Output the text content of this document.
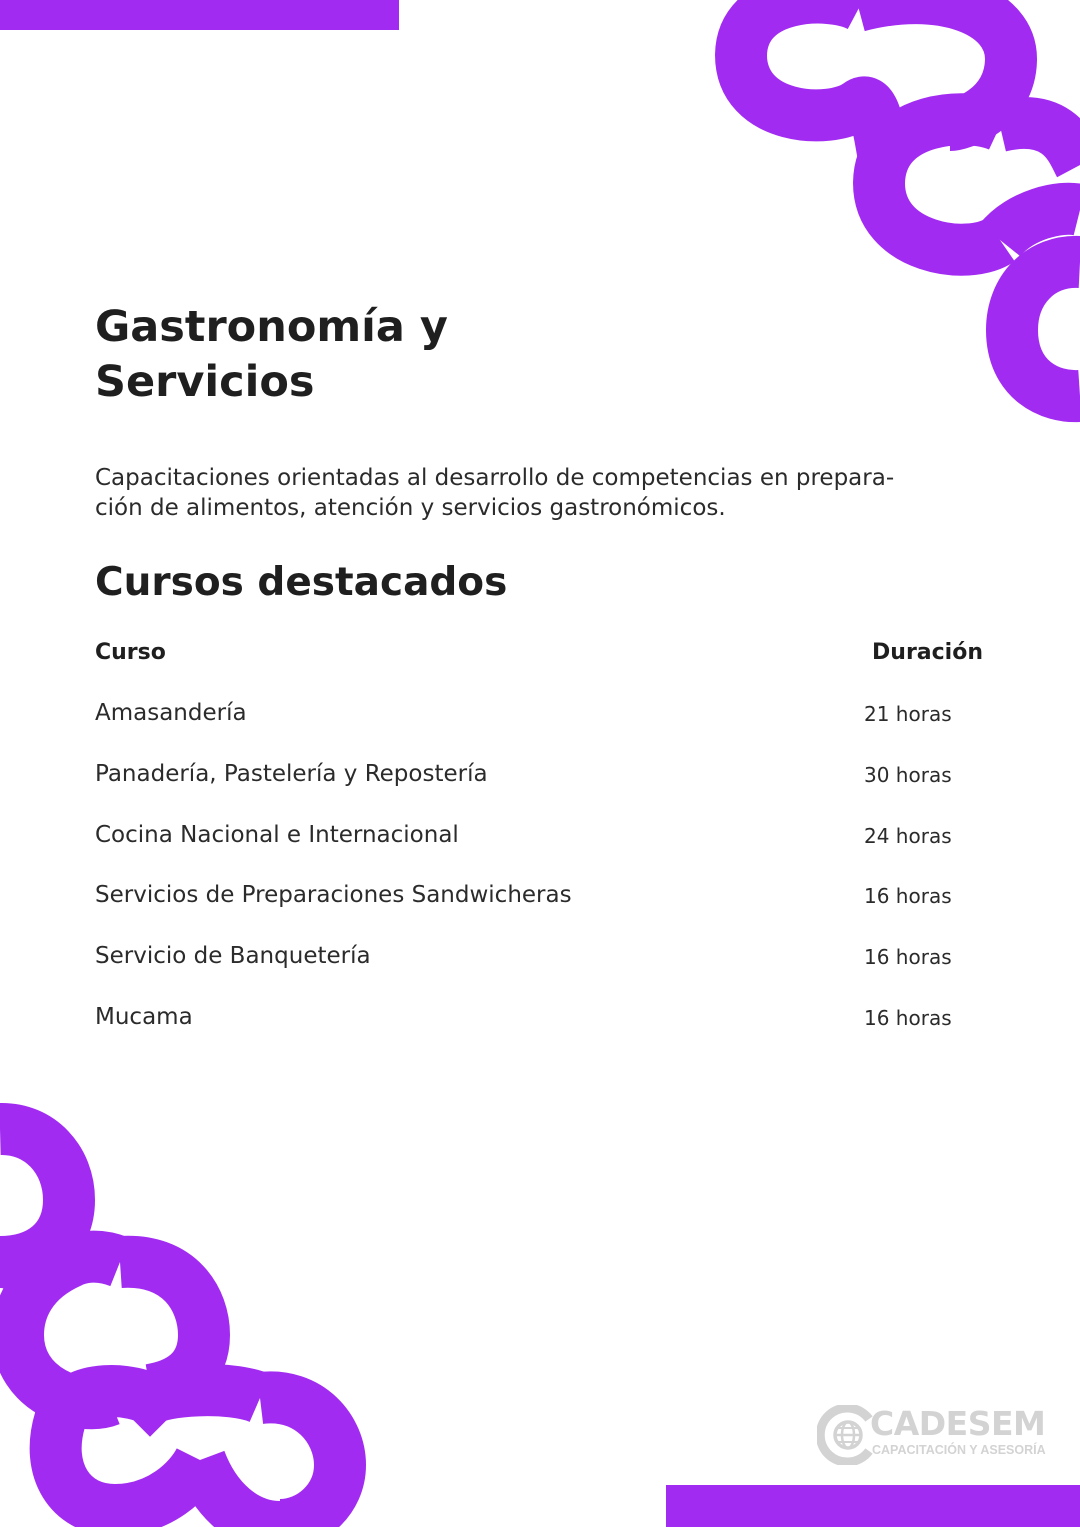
Gastronomía y
Servicios

Capacitaciones orientadas al desarrollo de competencias en prepara-
ción de alimentos, atención y servicios gastronómicos.

Cursos destacados
Curso	Duración
Amasandería	21 horas
Panadería, Pastelería y Repostería	30 horas
Cocina Nacional e Internacional	24 horas
Servicios de Preparaciones Sandwicheras	16 horas
Servicio de Banquetería	16 horas
Mucama	16 horas
CADESEM
CAPACITACIÓN Y ASESORÍA
